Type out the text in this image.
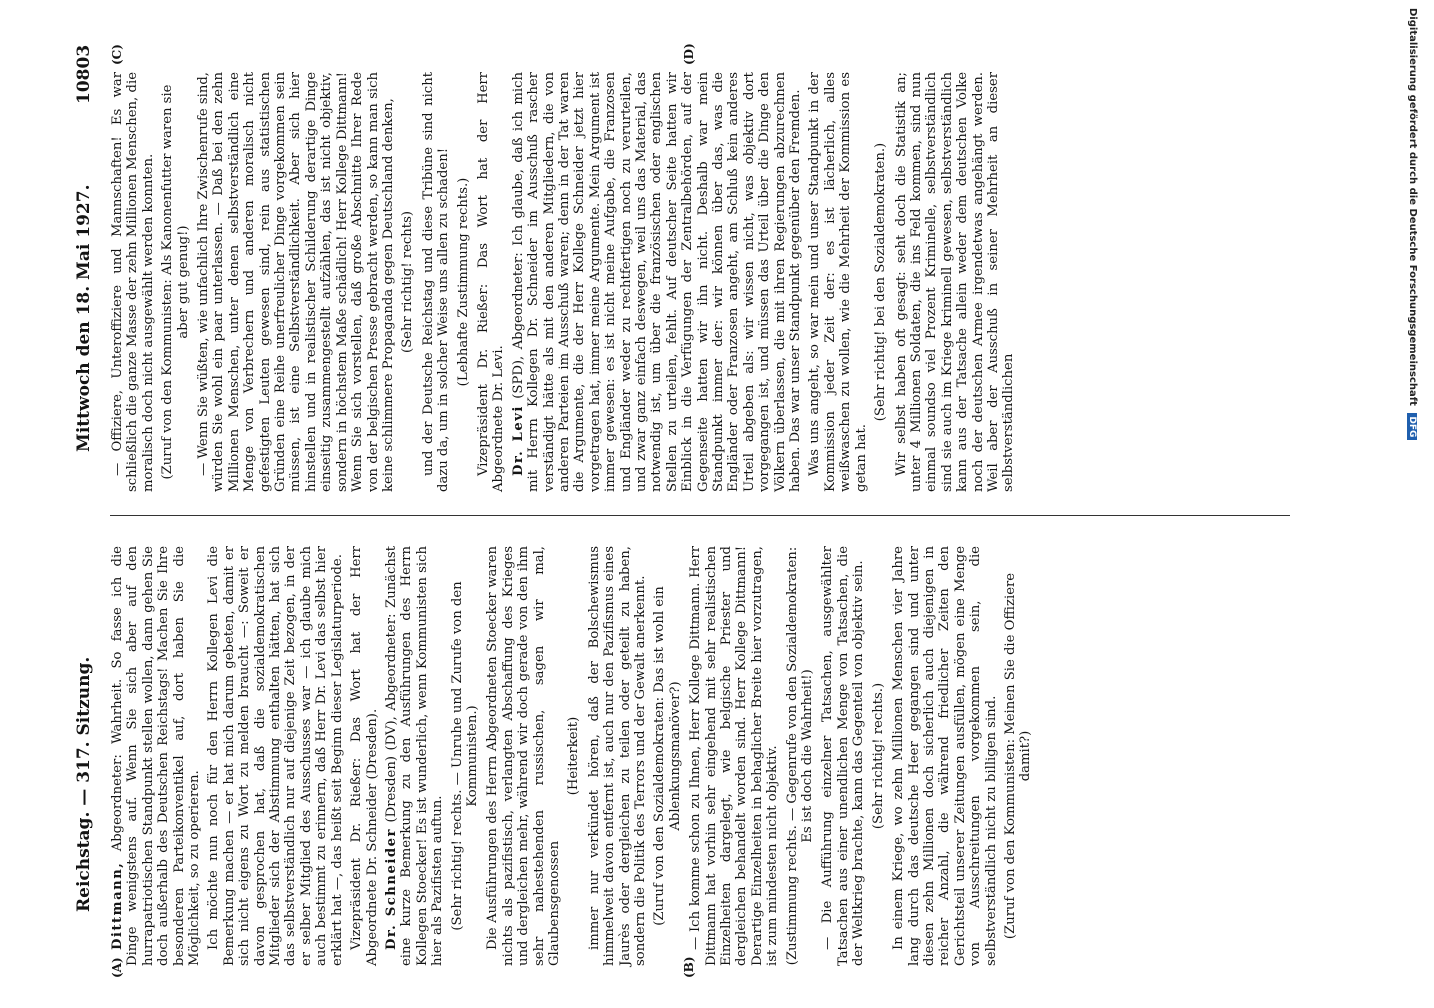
Reichstag. — 317. Sitzung.
Mittwoch den 18. Mai 1927.
10803

Dittmann, Abgeordneter: Wahrheit. So fasse ich die Dinge wenigstens auf. Wenn Sie sich aber auf den hurrapatriotischen Standpunkt stellen wollen, dann gehen Sie doch außerhalb des Deutschen Reichstags! Machen Sie Ihre besonderen Parteikonventikel auf, dort haben Sie die Möglichkeit, so zu operieren. Ich möchte nun noch für den Herrn Kollegen Levi die Bemerkung machen — er hat mich darum gebeten, damit er sich nicht eigens zu Wort zu melden braucht —: Soweit er davon gesprochen hat, daß die sozialdemokratischen Mitglieder sich der Abstimmung enthalten hätten, hat sich das selbstverständlich nur auf diejenige Zeit bezogen, in der er selber Mitglied des Ausschusses war — ich glaube mich auch bestimmt zu erinnern, daß Herr Dr. Levi das selbst hier erklärt hat —, das heißt seit Beginn dieser Legislaturperiode. Vizepräsident Dr. Rießer: Das Wort hat der Herr Abgeordnete Dr. Schneider (Dresden). Dr. Schneider (Dresden) (DV), Abgeordneter: Zunächst eine kurze Bemerkung zu den Ausführungen des Herrn Kollegen Stoecker! Es ist wunderlich, wenn Kommunisten sich hier als Pazifisten auftun. (Sehr richtig! rechts. — Unruhe und Zurufe von den Kommunisten.) Die Ausführungen des Herrn Abgeordneten Stoecker waren nichts als pazifistisch, verlangten Abschaffung des Krieges und dergleichen mehr, während wir doch gerade von den ihm sehr nahestehenden russischen, sagen wir mal, Glaubensgenossen

(Heiterkeit) immer nur verkündet hören, daß der Bolschewismus himmelweit davon entfernt ist, auch nur den Pazifismus eines Jaurès oder dergleichen zu teilen oder geteilt zu haben, sondern die Politik des Terrors und der Gewalt anerkennt. (Zuruf von den Sozialdemokraten: Das ist wohl ein Ablenkungsmanöver?) — Ich komme schon zu Ihnen, Herr Kollege Dittmann. Herr Dittmann hat vorhin sehr eingehend mit sehr realistischen Einzelheiten dargelegt, wie belgische Priester und dergleichen behandelt worden sind. Herr Kollege Dittmann! Derartige Einzelheiten in behaglicher Breite hier vorzutragen, ist zum mindesten nicht objektiv. (Zustimmung rechts. — Gegenrufe von den Sozialdemokraten: Es ist doch die Wahrheit!) — Die Aufführung einzelner Tatsachen, ausgewählter Tatsachen aus einer unendlichen Menge von Tatsachen, die der Weltkrieg brachte, kann das Gegenteil von objektiv sein. (Sehr richtig! rechts.) In einem Kriege, wo zehn Millionen Menschen vier Jahre lang durch das deutsche Heer gegangen sind und unter diesen zehn Millionen doch sicherlich auch diejenigen in reicher Anzahl, die während friedlicher Zeiten den Gerichtsteil unserer Zeitungen ausfüllen, mögen eine Menge von Ausschreitungen vorgekommen sein, die selbstverständlich nicht zu billigen sind. (Zuruf von den Kommunisten: Meinen Sie die Offiziere damit?)

— Offiziere, Unteroffiziere und Mannschaften! Es war schließlich die ganze Masse der zehn Millionen Menschen, die moralisch doch nicht ausgewählt werden konnten. (Zuruf von den Kommunisten: Als Kanonenfutter waren sie aber gut genug!) — Wenn Sie wüßten, wie unfachlich Ihre Zwischenrufe sind, würden Sie wohl ein paar unterlassen. — Daß bei den zehn Millionen Menschen, unter denen selbstverständlich eine Menge von Verbrechern und anderen moralisch nicht gefestigten Leuten gewesen sind, rein aus statistischen Gründen eine Reihe unerfreulicher Dinge vorgekommen sein müssen, ist eine Selbstverständlichkeit. Aber sich hier hinstellen und in realistischer Schilderung derartige Dinge einseitig zusammengestellt aufzählen, das ist nicht objektiv, sondern in höchstem Maße schädlich! Herr Kollege Dittmann! Wenn Sie sich vorstellen, daß große Abschnitte Ihrer Rede von der belgischen Presse gebracht werden, so kann man sich keine schlimmere Propaganda gegen Deutschland denken, (Sehr richtig! rechts) und der Deutsche Reichstag und diese Tribüne sind nicht dazu da, um in solcher Weise uns allen zu schaden! (Lebhafte Zustimmung rechts.) Vizepräsident Dr. Rießer: Das Wort hat der Herr Abgeordnete Dr. Levi. Dr. Levi (SPD), Abgeordneter: Ich glaube, daß ich mich mit Herrn Kollegen Dr. Schneider im Ausschuß rascher verständigt hätte als mit den anderen Mitgliedern, die von anderen Parteien im Ausschuß waren; denn in der Tat waren die Argumente, die der Herr Kollege Schneider jetzt hier vorgetragen hat, immer meine Argumente. Mein Argument ist immer gewesen: es ist nicht meine Aufgabe, die Franzosen und Engländer weder zu rechtfertigen noch zu verurteilen, und zwar ganz einfach deswegen, weil uns das Material, das notwendig ist, um über die französischen oder englischen Stellen zu urteilen, fehlt. Auf deutscher Seite hatten wir Einblick in die Verfügungen der Zentralbehörden, auf der Gegenseite hatten wir ihn nicht. Deshalb war mein Standpunkt immer der: wir können über das, was die Engländer oder Franzosen angeht, am Schluß kein anderes Urteil abgeben als: wir wissen nicht, was objektiv dort vorgegangen ist, und müssen das Urteil über die Dinge den Völkern überlassen, die mit ihren Regierungen abzurechnen haben. Das war unser Standpunkt gegenüber den Fremden. Was uns angeht, so war mein und unser Standpunkt in der Kommission jeder Zeit der: es ist lächerlich, alles weißwaschen zu wollen, wie die Mehrheit der Kommission es getan hat.

(Sehr richtig! bei den Sozialdemokraten.) Wir selbst haben oft gesagt: seht doch die Statistik an; unter 4 Millionen Soldaten, die ins Feld kommen, sind nun einmal soundso viel Prozent Kriminelle, selbstverständlich sind sie auch im Kriege kriminell gewesen, selbstverständlich kann aus der Tatsache allein weder dem deutschen Volke noch der deutschen Armee irgendetwas angehängt werden. Weil aber der Ausschuß in seiner Mehrheit an dieser selbstverständlichen

(A)	(B)
(C)	(D)	Digitalisierung gefördert durch die Deutsche Forschungsgemeinschaft DFG
